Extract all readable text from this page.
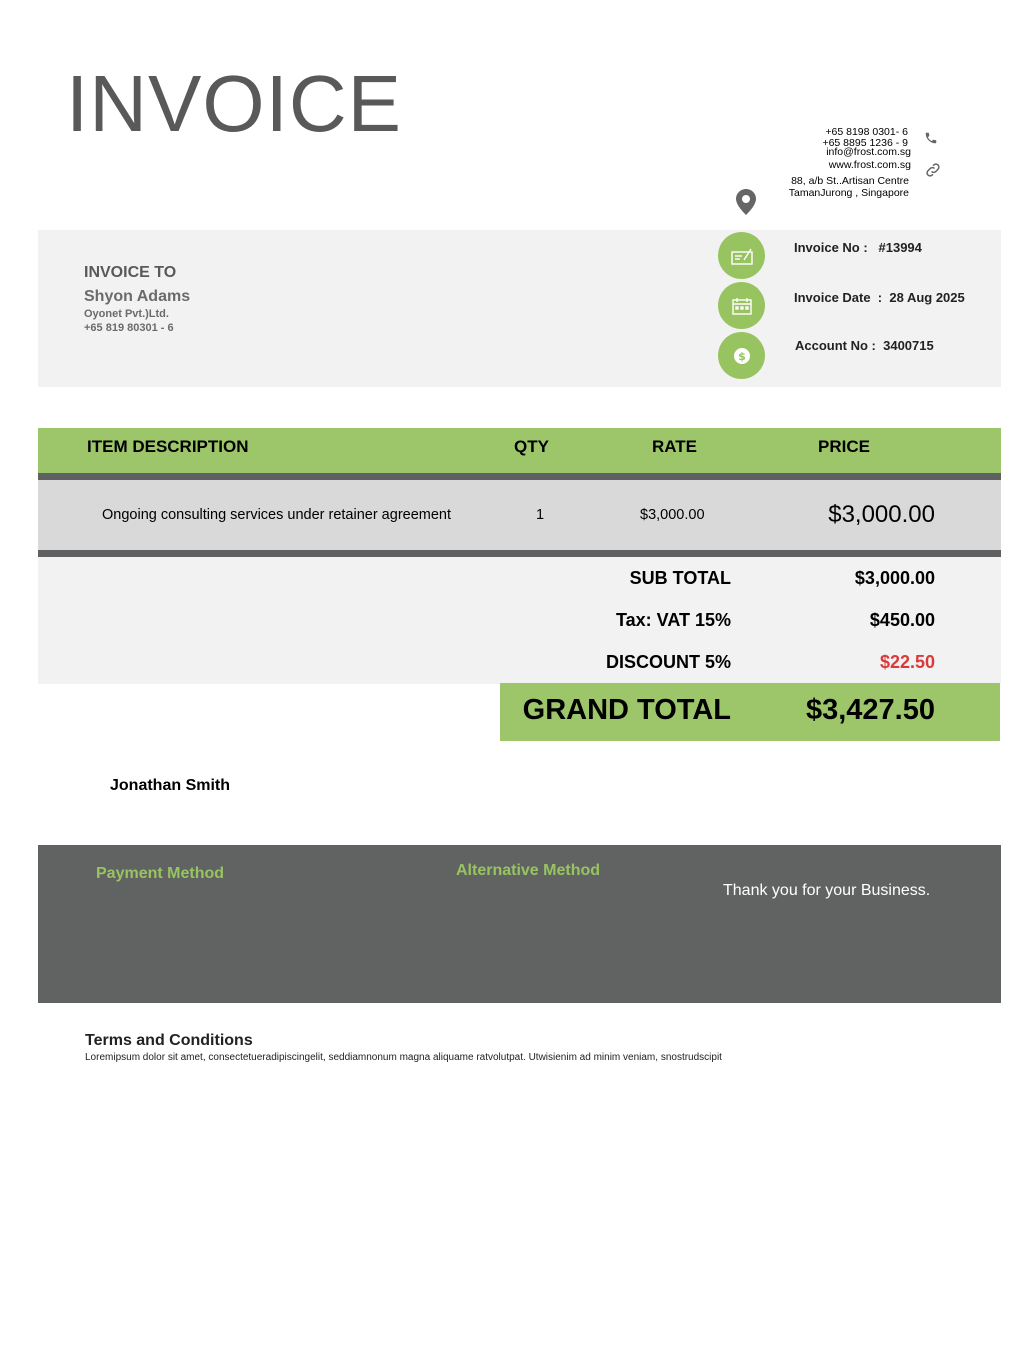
INVOICE	+65 8198 0301- 6
+65 8895 1236 - 9
info@frost.com.sg
www.frost.com.sg
88, a/b St..Artisan Centre
TamanJurong , Singapore
INVOICE TO
Shyon Adams
Oyonet Pvt.)Ltd.
+65 819 80301 - 6
$
Invoice No :   #13994
Invoice Date  :  28 Aug 2025
Account No :  3400715
ITEM DESCRIPTION	QTY	RATE	PRICE
Ongoing consulting services under retainer agreement	1	$3,000.00	$3,000.00
SUB TOTAL	$3,000.00
Tax: VAT 15%	$450.00
DISCOUNT 5%	$22.50
GRAND TOTAL	$3,427.50
Jonathan Smith
Payment Method	Alternative Method
Thank you for your Business.
Terms and Conditions
Loremipsum dolor sit amet, consectetueradipiscingelit, seddiamnonum magna aliquame ratvolutpat. Utwisienim ad minim veniam, snostrudscipit
